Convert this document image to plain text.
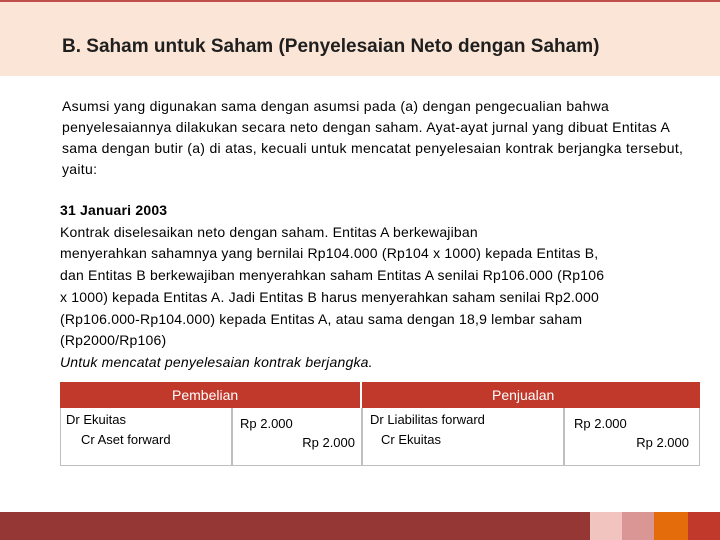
B. Saham untuk Saham (Penyelesaian Neto dengan Saham)
Asumsi yang digunakan sama dengan asumsi pada (a) dengan pengecualian bahwa penyelesaiannya dilakukan secara neto dengan saham. Ayat-ayat jurnal yang dibuat Entitas A sama dengan butir (a) di atas, kecuali untuk mencatat penyelesaian kontrak berjangka tersebut, yaitu:
31 Januari 2003
Kontrak diselesaikan neto dengan saham. Entitas A berkewajiban
menyerahkan sahamnya yang bernilai Rp104.000 (Rp104 x 1000) kepada Entitas B,
dan Entitas B berkewajiban menyerahkan saham Entitas A senilai Rp106.000 (Rp106
x 1000) kepada Entitas A. Jadi Entitas B harus menyerahkan saham senilai Rp2.000
(Rp106.000-Rp104.000) kepada Entitas A, atau sama dengan 18,9 lembar saham
(Rp2000/Rp106)
Untuk mencatat penyelesaian kontrak berjangka.
Pembelian	Penjualan
Dr Ekuitas
Cr Aset forward
Rp 2.000
Rp 2.000
Dr Liabilitas forward
Cr Ekuitas
Rp 2.000
Rp 2.000
